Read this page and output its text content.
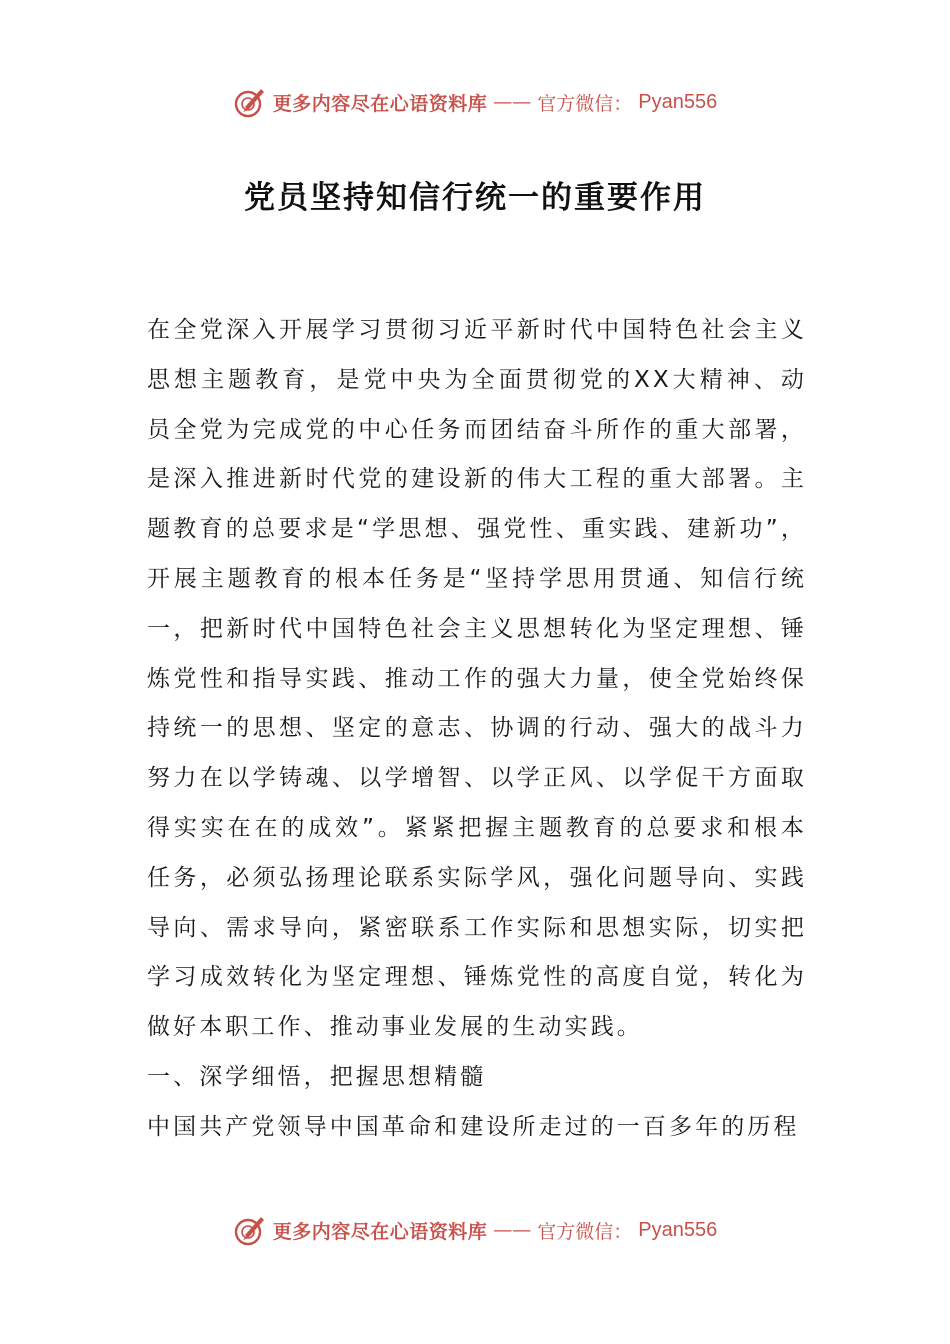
更多内容尽在心语资料库 —— 官方微信： Pyan556
党员坚持知信行统一的重要作用

在全党深入开展学习贯彻习近平新时代中国特色社会主义思想主题教育，是党中央为全面贯彻党的XX大精神、动员全党为完成党的中心任务而团结奋斗所作的重大部署，是深入推进新时代党的建设新的伟大工程的重大部署。主题教育的总要求是“学思想、强党性、重实践、建新功”，开展主题教育的根本任务是“坚持学思用贯通、知信行统一，把新时代中国特色社会主义思想转化为坚定理想、锤炼党性和指导实践、推动工作的强大力量，使全党始终保持统一的思想、坚定的意志、协调的行动、强大的战斗力努力在以学铸魂、以学增智、以学正风、以学促干方面取得实实在在的成效”。紧紧把握主题教育的总要求和根本任务，必须弘扬理论联系实际学风，强化问题导向、实践导向、需求导向，紧密联系工作实际和思想实际，切实把学习成效转化为坚定理想、锤炼党性的高度自觉，转化为做好本职工作、推动事业发展的生动实践。

一、深学细悟，把握思想精髓

中国共产党领导中国革命和建设所走过的一百多年的历程

更多内容尽在心语资料库 —— 官方微信： Pyan556
